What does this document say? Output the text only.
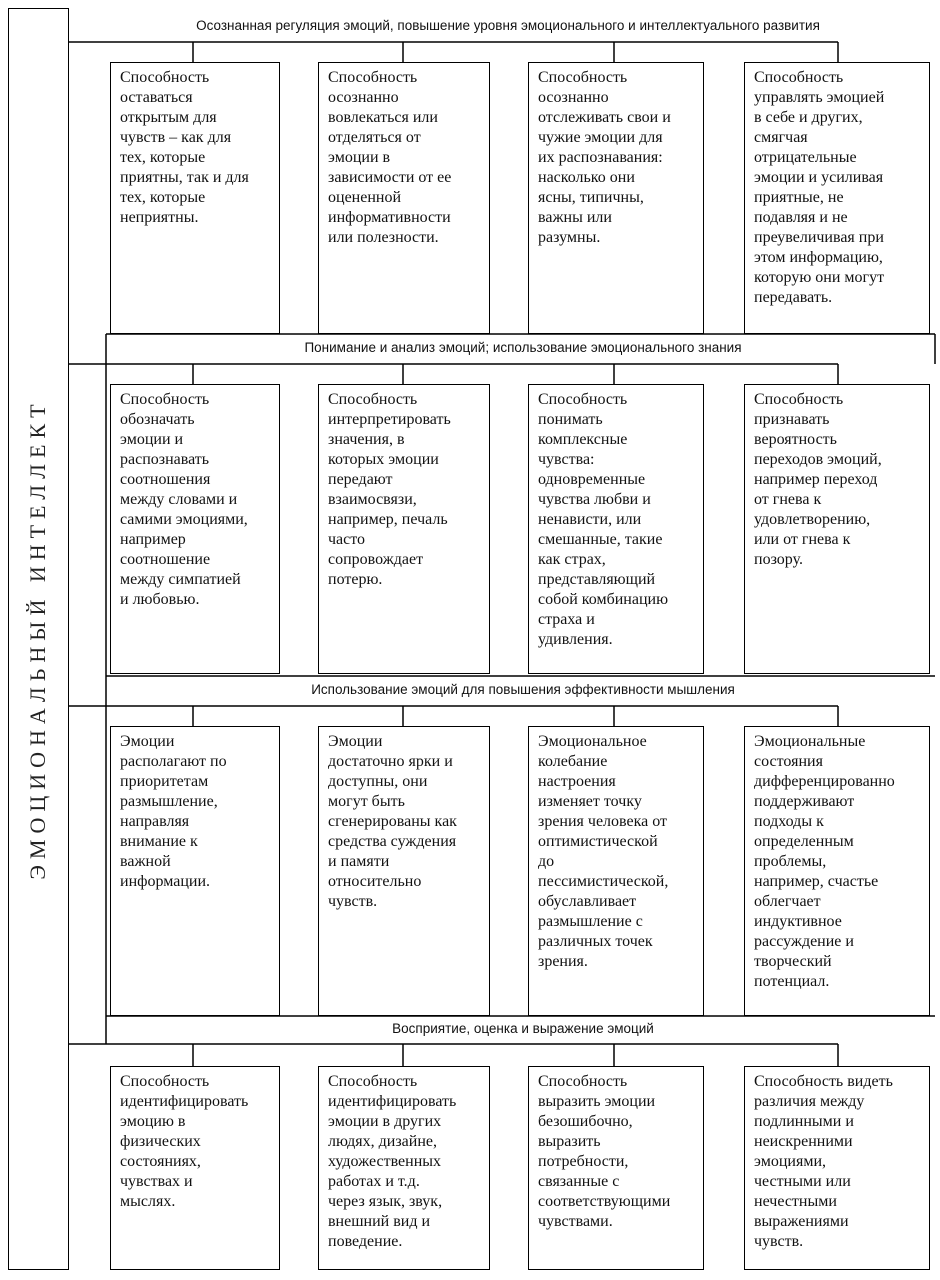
ЭМОЦИОНАЛЬНЫЙ ИНТЕЛЛЕКТ
Осознанная регуляция эмоций, повышение уровня эмоционального и интеллектуального развития
Способность
оставаться
открытым для
чувств – как для
тех, которые
приятны, так и для
тех, которые
неприятны.
Способность
осознанно
вовлекаться или
отделяться от
эмоции в
зависимости от ее
оцененной
информативности
или полезности.
Способность
осознанно
отслеживать свои и
чужие эмоции для
их распознавания:
насколько они
ясны, типичны,
важны или
разумны.
Способность
управлять эмоцией
в себе и других,
смягчая
отрицательные
эмоции и усиливая
приятные, не
подавляя и не
преувеличивая при
этом информацию,
которую они могут
передавать.
Понимание и анализ эмоций; использование эмоционального знания
Способность
обозначать
эмоции и
распознавать
соотношения
между словами и
самими эмоциями,
например
соотношение
между симпатией
и любовью.
Способность
интерпретировать
значения, в
которых эмоции
передают
взаимосвязи,
например, печаль
часто
сопровождает
потерю.
Способность
понимать
комплексные
чувства:
одновременные
чувства любви и
ненависти, или
смешанные, такие
как страх,
представляющий
собой комбинацию
страха и
удивления.
Способность
признавать
вероятность
переходов эмоций,
например переход
от гнева к
удовлетворению,
или от гнева к
позору.
Использование эмоций для повышения эффективности мышления
Эмоции
располагают по
приоритетам
размышление,
направляя
внимание к
важной
информации.
Эмоции
достаточно ярки и
доступны, они
могут быть
сгенерированы как
средства суждения
и памяти
относительно
чувств.
Эмоциональное
колебание
настроения
изменяет точку
зрения человека от
оптимистической
до
пессимистической,
обуславливает
размышление с
различных точек
зрения.
Эмоциональные
состояния
дифференцированно
поддерживают
подходы к
определенным
проблемы,
например, счастье
облегчает
индуктивное
рассуждение и
творческий
потенциал.
Восприятие, оценка и выражение эмоций
Способность
идентифицировать
эмоцию в
физических
состояниях,
чувствах и
мыслях.
Способность
идентифицировать
эмоции в других
людях, дизайне,
художественных
работах и т.д.
через язык, звук,
внешний вид и
поведение.
Способность
выразить эмоции
безошибочно,
выразить
потребности,
связанные с
соответствующими
чувствами.
Способность видеть
различия между
подлинными и
неискренними
эмоциями,
честными или
нечестными
выражениями
чувств.
